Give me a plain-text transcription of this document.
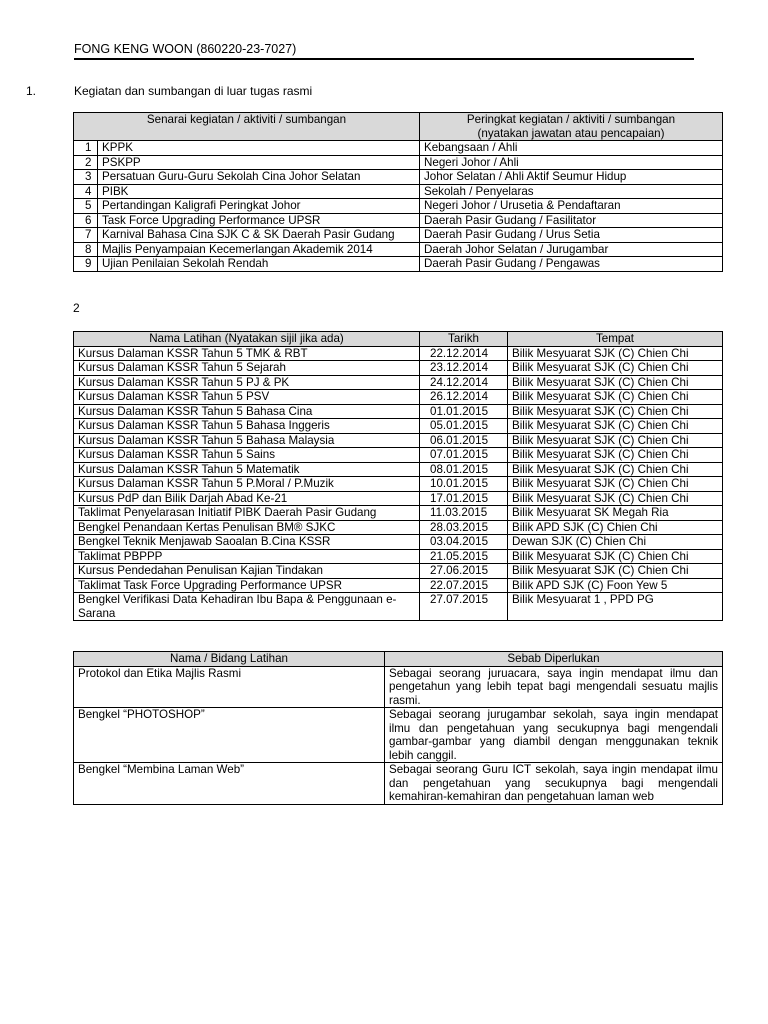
FONG KENG WOON (860220-23-7027)
1.	Kegiatan dan sumbangan di luar tugas rasmi
Senarai kegiatan / aktiviti / sumbangan		Peringkat kegiatan / aktiviti / sumbangan
(nyatakan jawatan atau pencapaian)
1	KPPK	Kebangsaan / Ahli
2	PSKPP	Negeri Johor / Ahli
3	Persatuan Guru-Guru Sekolah Cina Johor Selatan	Johor Selatan / Ahli Aktif Seumur Hidup
4	PIBK	Sekolah / Penyelaras
5	Pertandingan Kaligrafi Peringkat Johor	Negeri Johor / Urusetia & Pendaftaran
6	Task Force Upgrading Performance UPSR	Daerah Pasir Gudang / Fasilitator
7	Karnival Bahasa Cina SJK C & SK Daerah Pasir Gudang	Daerah Pasir Gudang / Urus Setia
8	Majlis Penyampaian Kecemerlangan Akademik 2014	Daerah Johor Selatan / Jurugambar
9	Ujian Penilaian Sekolah Rendah	Daerah Pasir Gudang / Pengawas
2
Nama Latihan (Nyatakan sijil jika ada)	Tarikh	Tempat
Kursus Dalaman KSSR Tahun 5 TMK & RBT	22.12.2014	Bilik Mesyuarat SJK (C) Chien Chi
Kursus Dalaman KSSR Tahun 5 Sejarah	23.12.2014	Bilik Mesyuarat SJK (C) Chien Chi
Kursus Dalaman KSSR Tahun 5 PJ & PK	24.12.2014	Bilik Mesyuarat SJK (C) Chien Chi
Kursus Dalaman KSSR Tahun 5 PSV	26.12.2014	Bilik Mesyuarat SJK (C) Chien Chi
Kursus Dalaman KSSR Tahun 5 Bahasa Cina	01.01.2015	Bilik Mesyuarat SJK (C) Chien Chi
Kursus Dalaman KSSR Tahun 5 Bahasa Inggeris	05.01.2015	Bilik Mesyuarat SJK (C) Chien Chi
Kursus Dalaman KSSR Tahun 5 Bahasa Malaysia	06.01.2015	Bilik Mesyuarat SJK (C) Chien Chi
Kursus Dalaman KSSR Tahun 5 Sains	07.01.2015	Bilik Mesyuarat SJK (C) Chien Chi
Kursus Dalaman KSSR Tahun 5 Matematik	08.01.2015	Bilik Mesyuarat SJK (C) Chien Chi
Kursus Dalaman KSSR Tahun 5 P.Moral / P.Muzik	10.01.2015	Bilik Mesyuarat SJK (C) Chien Chi
Kursus PdP dan Bilik Darjah Abad Ke-21	17.01.2015	Bilik Mesyuarat SJK (C) Chien Chi
Taklimat Penyelarasan Initiatif PIBK Daerah Pasir Gudang	11.03.2015	Bilik Mesyuarat SK Megah Ria
Bengkel Penandaan Kertas Penulisan BM® SJKC	28.03.2015	Bilik APD SJK (C) Chien Chi
Bengkel Teknik Menjawab Saoalan B.Cina KSSR	03.04.2015	Dewan SJK (C) Chien Chi
Taklimat PBPPP	21.05.2015	Bilik Mesyuarat SJK (C) Chien Chi
Kursus Pendedahan Penulisan Kajian Tindakan	27.06.2015	Bilik Mesyuarat SJK (C) Chien Chi
Taklimat Task Force Upgrading Performance UPSR	22.07.2015	Bilik APD SJK (C) Foon Yew 5
Bengkel Verifikasi Data Kehadiran Ibu Bapa & Penggunaan e-Sarana	27.07.2015	Bilik Mesyuarat 1 , PPD PG
Nama / Bidang Latihan	Sebab Diperlukan
Protokol dan Etika Majlis Rasmi	Sebagai seorang juruacara, saya ingin mendapat ilmu dan pengetahun yang lebih tepat bagi mengendali sesuatu majlis rasmi.
Bengkel “PHOTOSHOP”	Sebagai seorang jurugambar sekolah, saya ingin mendapat ilmu dan pengetahuan yang secukupnya bagi mengendali gambar-gambar yang diambil dengan menggunakan teknik lebih canggil.
Bengkel “Membina Laman Web”	Sebagai seorang Guru ICT sekolah, saya ingin mendapat ilmu dan pengetahuan yang secukupnya bagi mengendali kemahiran-kemahiran dan pengetahuan laman web
